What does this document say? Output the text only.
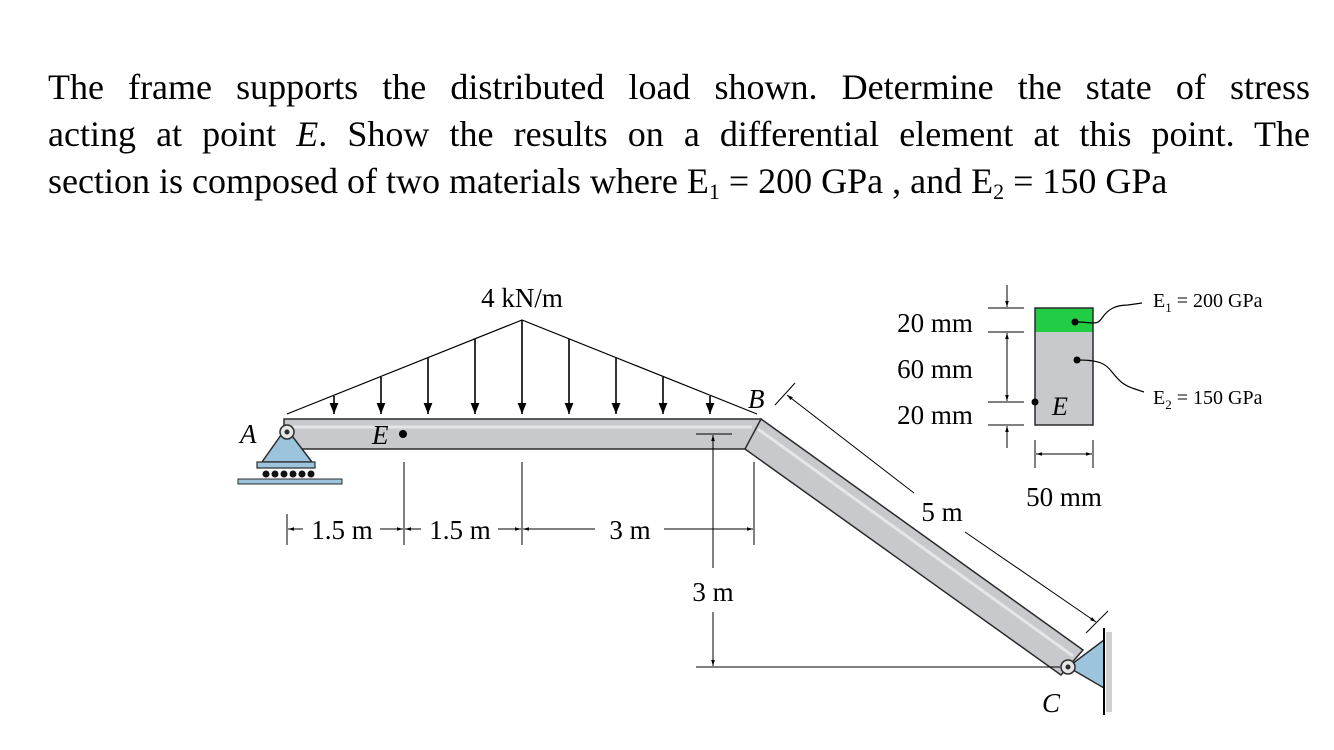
The frame supports the distributed load shown. Determine the state of stress
acting at point E. Show the results on a differential element at this point. The
section is composed of two materials where $E_1 = 200$ GPa , and $E_2 = 150$ GPa
4 kN/m
A
B
C
E
1.5 m 1.5 m	3 m
3 m
5 m
E
20 mm
60 mm
20 mm
50 mm
$E_1 = 200$ GPa
$E_2 = 150$ GPa
